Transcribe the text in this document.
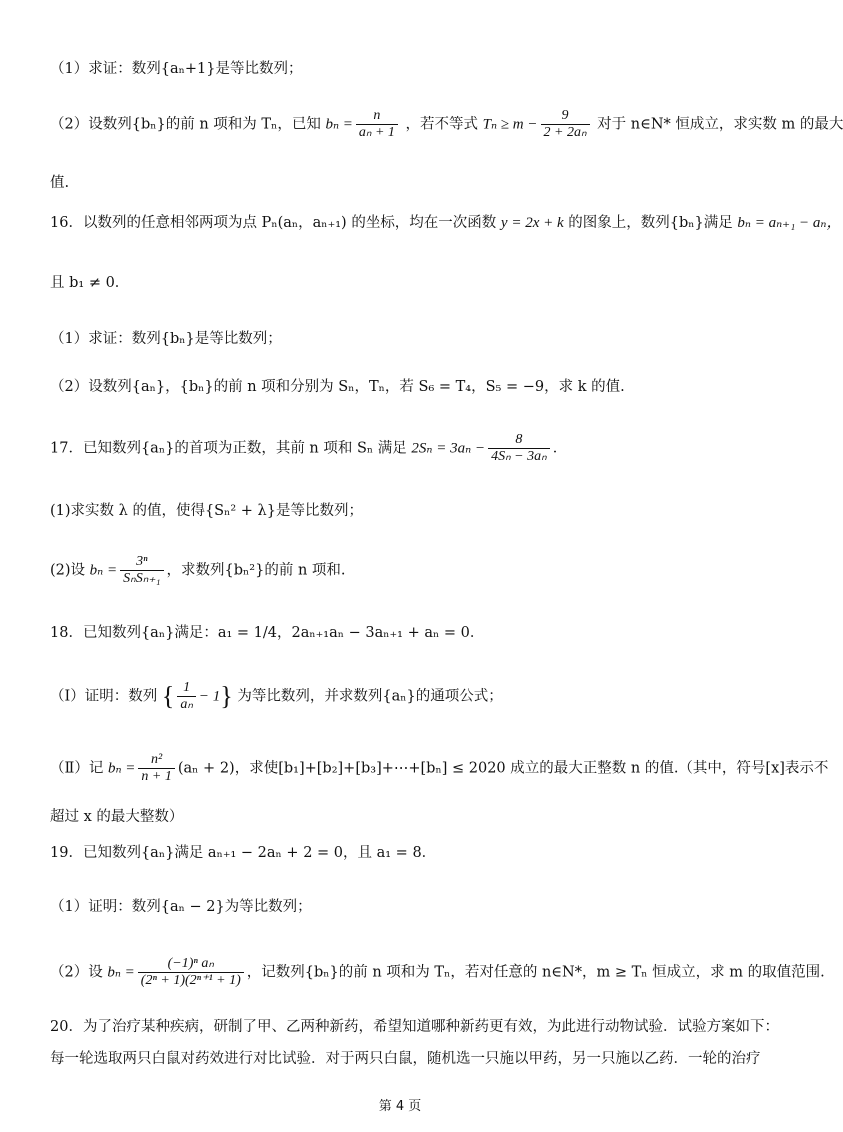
（1）求证：数列{aₙ+1}是等比数列；
（2）设数列{bₙ}的前 n 项和为 Tₙ，已知 $b_n = \frac{n}{\text{aₙ + 1}}$ ，若不等式 $T_n \ge m - \frac{9}{\text{2 + 2aₙ}}$ 对于 n∈N* 恒成立，求实数 m 的最大
值.
16．以数列的任意相邻两项为点 Pₙ(aₙ，aₙ₊₁) 的坐标，均在一次函数 y = 2x + k 的图象上，数列{bₙ}满足 bₙ = aₙ₊₁ − aₙ，
且 b₁ ≠ 0．
（1）求证：数列{bₙ}是等比数列；
（2）设数列{aₙ}，{bₙ}的前 n 项和分别为 Sₙ，Tₙ，若 S₆ = T₄，S₅ = −9，求 k 的值.
17．已知数列{aₙ}的首项为正数，其前 n 项和 Sₙ 满足 $2S_n = 3a_n - \frac{8}{\text{4Sₙ − 3aₙ}}$ ．
(1)求实数 λ 的值，使得{Sₙ² + λ}是等比数列；
(2)设 $b_n = \frac{\text{3ⁿ}}{\text{SₙSₙ₊₁}}$ ，求数列{bₙ²}的前 n 项和.
18．已知数列{aₙ}满足：a₁ = 1/4，2aₙ₊₁aₙ − 3aₙ₊₁ + aₙ = 0．
（Ⅰ）证明：数列 { $\frac{1}{\text{aₙ}} - 1$} 为等比数列，并求数列{aₙ}的通项公式；
（Ⅱ）记 $b_n = \frac{\text{n²}}{n + 1} (a_n + 2)$，求使[b₁]+[b₂]+[b₃]+⋯+[bₙ] ≤ 2020 成立的最大正整数 n 的值.（其中，符号[x]表示不
超过 x 的最大整数）
19．已知数列{aₙ}满足 aₙ₊₁ − 2aₙ + 2 = 0，且 a₁ = 8．
（1）证明：数列{aₙ − 2}为等比数列；
（2）设 $b_n = \frac{\text{(−1)ⁿ aₙ}}{\text{(2ⁿ + 1)(2ⁿ⁺¹ + 1)}}$ ，记数列{bₙ}的前 n 项和为 Tₙ，若对任意的 n∈N*，m ≥ Tₙ 恒成立，求 m 的取值范围.
20．为了治疗某种疾病，研制了甲、乙两种新药，希望知道哪种新药更有效，为此进行动物试验．试验方案如下：
每一轮选取两只白鼠对药效进行对比试验．对于两只白鼠，随机选一只施以甲药，另一只施以乙药．一轮的治疗
第 4 页
